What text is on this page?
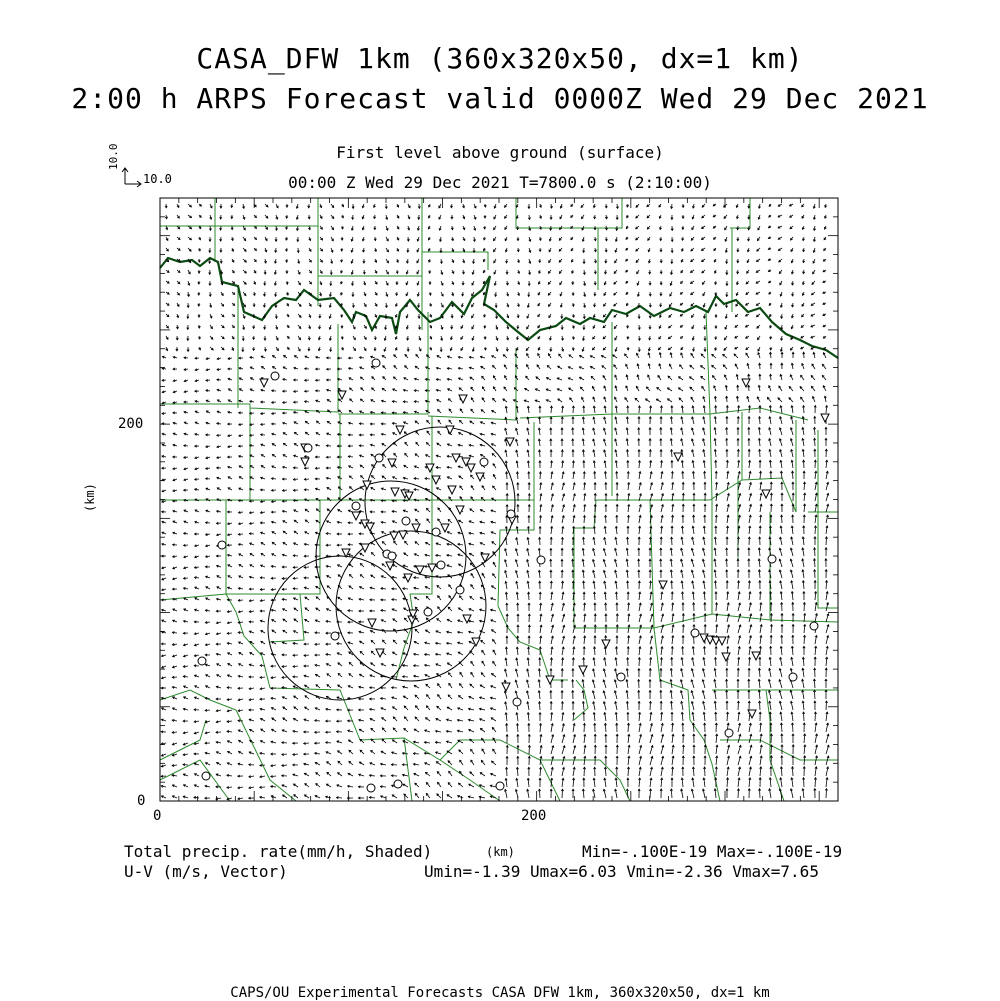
CASA_DFW 1km (360x320x50, dx=1 km)
2:00 h ARPS Forecast valid 0000Z Wed 29 Dec 2021
First level above ground (surface)
00:00 Z Wed 29 Dec 2021 T=7800.0 s (2:10:00)
10.0
10.0
(km)
(km)
200
0
0	200
Total precip. rate(mm/h, Shaded)
U-V (m/s, Vector)
Min=-.100E-19 Max=-.100E-19
Umin=-1.39 Umax=6.03 Vmin=-2.36 Vmax=7.65
CAPS/OU Experimental Forecasts CASA DFW 1km, 360x320x50, dx=1 km
